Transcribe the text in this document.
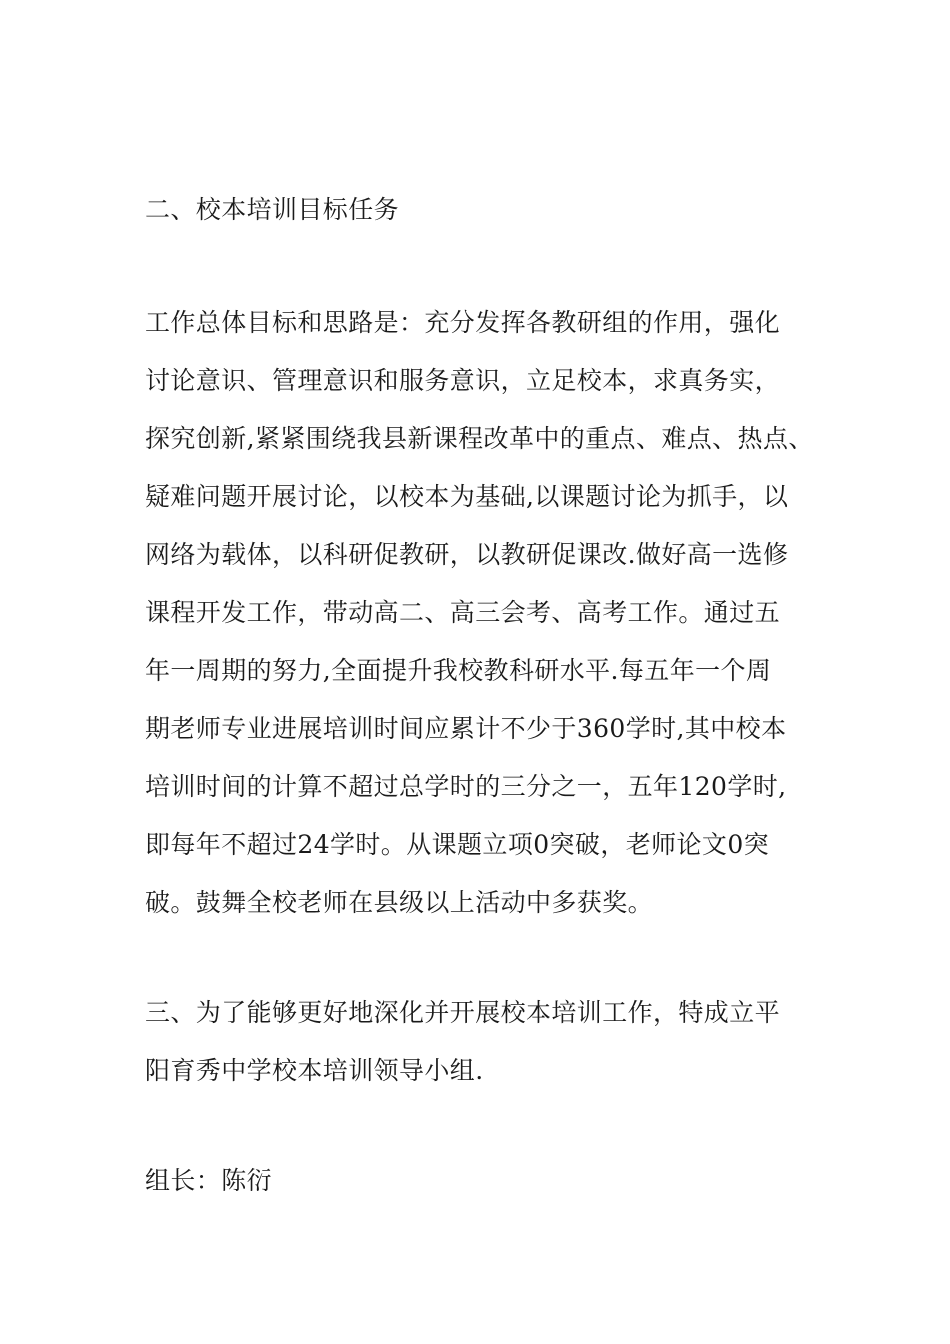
二、校本培训目标任务
工作总体目标和思路是：充分发挥各教研组的作用，强化
讨论意识、管理意识和服务意识，立足校本，求真务实，
探究创新,紧紧围绕我县新课程改革中的重点、难点、热点、
疑难问题开展讨论，以校本为基础,以课题讨论为抓手，以
网络为载体，以科研促教研，以教研促课改.做好高一选修
课程开发工作，带动高二、高三会考、高考工作。通过五
年一周期的努力,全面提升我校教科研水平.每五年一个周
期老师专业进展培训时间应累计不少于360学时,其中校本
培训时间的计算不超过总学时的三分之一，五年120学时,
即每年不超过24学时。从课题立项0突破，老师论文0突
破。鼓舞全校老师在县级以上活动中多获奖。
三、为了能够更好地深化并开展校本培训工作，特成立平
阳育秀中学校本培训领导小组.
组长：陈衍
